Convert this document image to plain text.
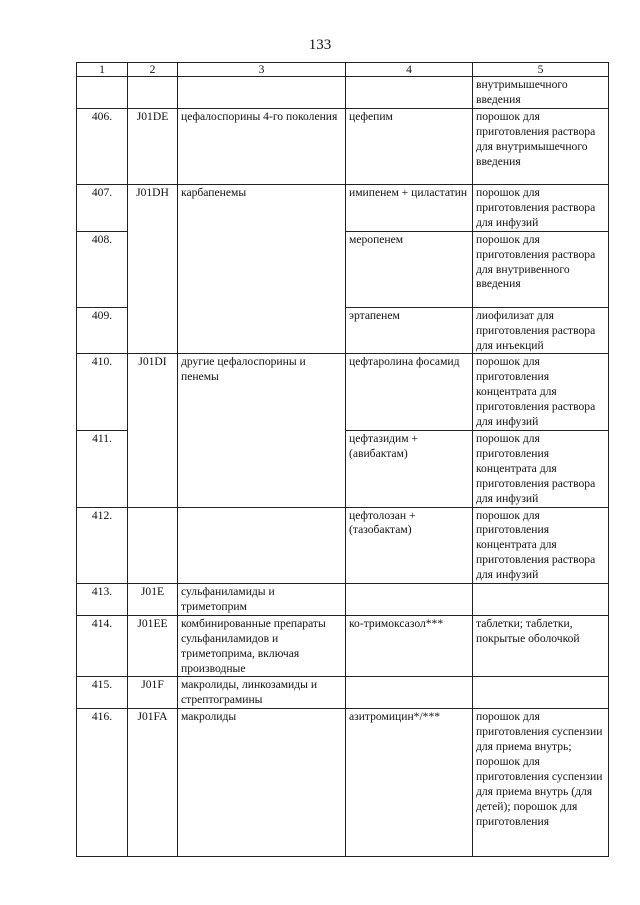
133
1	2	3	4	5
				внутримышечного введения
406.	J01DE	цефалоспорины 4-го поколения	цефепим	порошок для приготовления раствора для внутримышечного введения
407.	J01DH	карбапенемы	имипенем + циластатин	порошок для приготовления раствора для инфузий
408.			меропенем	порошок для приготовления раствора для внутривенного введения
409.			эртапенем	лиофилизат для приготовления раствора для инъекций
410.	J01DI	другие цефалоспорины и пенемы	цефтаролина фосамид	порошок для приготовления концентрата для приготовления раствора для инфузий
411.			цефтазидим + (авибактам)	порошок для приготовления концентрата для приготовления раствора для инфузий
412.			цефтолозан + (тазобактам)	порошок для приготовления концентрата для приготовления раствора для инфузий
413.	J01E	сульфаниламиды и триметоприм		
414.	J01EE	комбинированные препараты сульфаниламидов и триметоприма, включая производные	ко-тримоксазол***	таблетки; таблетки, покрытые оболочкой
415.	J01F	макролиды, линкозамиды и стрептограмины		
416.	J01FA	макролиды	азитромицин*/***	порошок для приготовления суспензии для приема внутрь; порошок для приготовления суспензии для приема внутрь (для детей); порошок для приготовления
